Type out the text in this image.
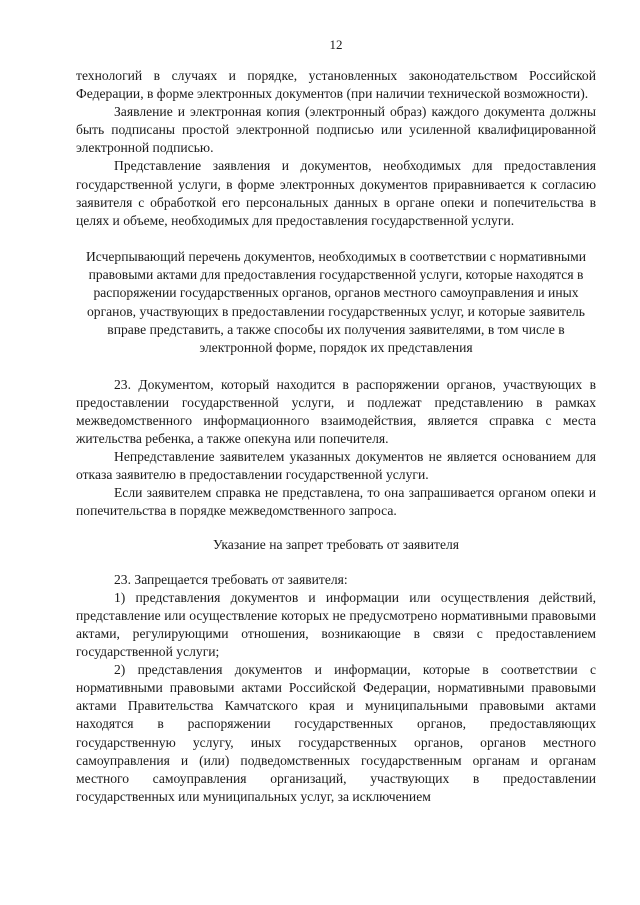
12

технологий в случаях и порядке, установленных законодательством Российской Федерации, в форме электронных документов (при наличии технической возможности).

Заявление и электронная копия (электронный образ) каждого документа должны быть подписаны простой электронной подписью или усиленной квалифицированной электронной подписью.

Представление заявления и документов, необходимых для предоставления государственной услуги, в форме электронных документов приравнивается к согласию заявителя с обработкой его персональных данных в органе опеки и попечительства в целях и объеме, необходимых для предоставления государственной услуги.

Исчерпывающий перечень документов, необходимых в соответствии с нормативными правовыми актами для предоставления государственной услуги, которые находятся в распоряжении государственных органов, органов местного самоуправления и иных органов, участвующих в предоставлении государственных услуг, и которые заявитель вправе представить, а также способы их получения заявителями, в том числе в электронной форме, порядок их представления

23. Документом, который находится в распоряжении органов, участвующих в предоставлении государственной услуги, и подлежат представлению в рамках межведомственного информационного взаимодействия, является справка с места жительства ребенка, а также опекуна или попечителя.

Непредставление заявителем указанных документов не является основанием для отказа заявителю в предоставлении государственной услуги.

Если заявителем справка не представлена, то она запрашивается органом опеки и попечительства в порядке межведомственного запроса.

Указание на запрет требовать от заявителя

23. Запрещается требовать от заявителя:

1) представления документов и информации или осуществления действий, представление или осуществление которых не предусмотрено нормативными правовыми актами, регулирующими отношения, возникающие в связи с предоставлением государственной услуги;

2) представления документов и информации, которые в соответствии с нормативными правовыми актами Российской Федерации, нормативными правовыми актами Правительства Камчатского края и муниципальными правовыми актами находятся в распоряжении государственных органов, предоставляющих государственную услугу, иных государственных органов, органов местного самоуправления и (или) подведомственных государственным органам и органам местного самоуправления организаций, участвующих в предоставлении государственных или муниципальных услуг, за исключением
